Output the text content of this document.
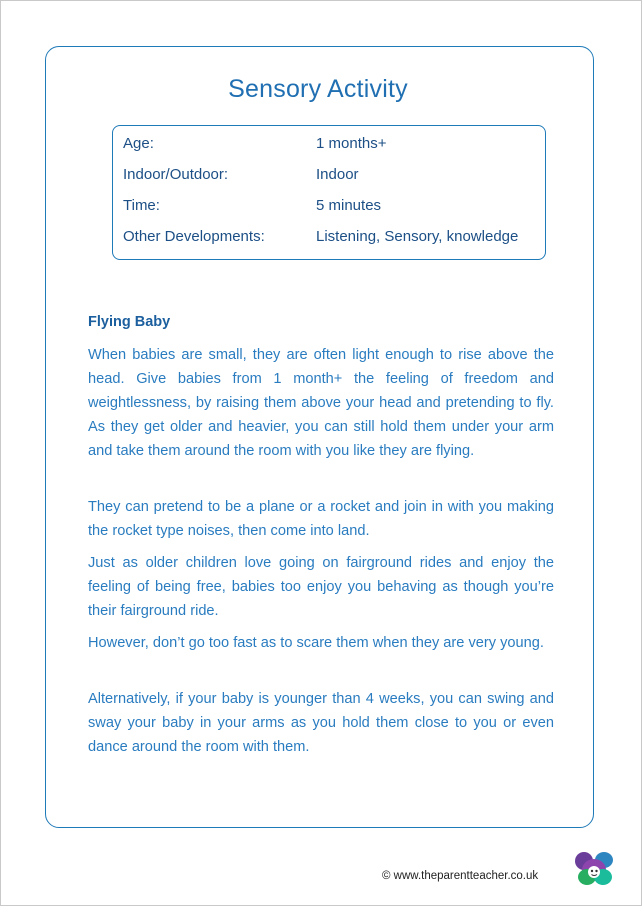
Sensory Activity
Age:	1 months+
Indoor/Outdoor:	Indoor
Time:	5 minutes
Other Developments:	Listening, Sensory, knowledge
Flying Baby

When babies are small, they are often light enough to rise above the head. Give babies from 1 month+ the feeling of freedom and weightlessness, by raising them above your head and pretending to fly. As they get older and heavier, you can still hold them under your arm and take them around the room with you like they are flying.

They can pretend to be a plane or a rocket and join in with you making the rocket type noises, then come into land.

Just as older children love going on fairground rides and enjoy the feeling of being free, babies too enjoy you behaving as though you’re their fairground ride.

However, don’t go too fast as to scare them when they are very young.

Alternatively, if your baby is younger than 4 weeks, you can swing and sway your baby in your arms as you hold them close to you or even dance around the room with them.

© www.theparentteacher.co.uk
